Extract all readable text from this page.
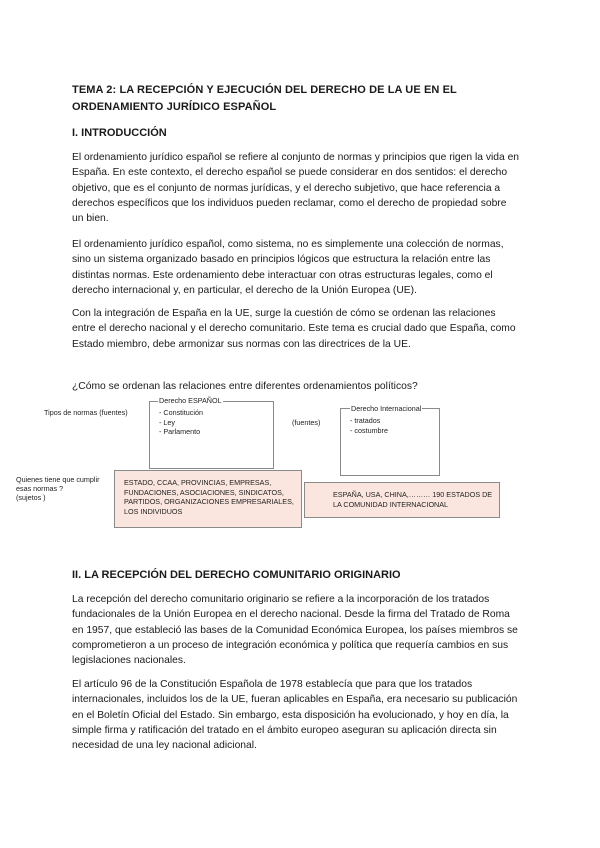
TEMA 2: LA RECEPCIÓN Y EJECUCIÓN DEL DERECHO DE LA UE EN EL
ORDENAMIENTO JURÍDICO ESPAÑOL
I. INTRODUCCIÓN

El ordenamiento jurídico español se refiere al conjunto de normas y principios que rigen la vida en España. En este contexto, el derecho español se puede considerar en dos sentidos: el derecho objetivo, que es el conjunto de normas jurídicas, y el derecho subjetivo, que hace referencia a derechos específicos que los individuos pueden reclamar, como el derecho de propiedad sobre un bien.

El ordenamiento jurídico español, como sistema, no es simplemente una colección de normas, sino un sistema organizado basado en principios lógicos que estructura la relación entre las distintas normas. Este ordenamiento debe interactuar con otras estructuras legales, como el derecho internacional y, en particular, el derecho de la Unión Europea (UE).

Con la integración de España en la UE, surge la cuestión de cómo se ordenan las relaciones entre el derecho nacional y el derecho comunitario. Este tema es crucial dado que España, como Estado miembro, debe armonizar sus normas con las directrices de la UE.

¿Cómo se ordenan las relaciones entre diferentes ordenamientos políticos?
Tipos de normas (fuentes)
(fuentes)
Quienes tiene que cumplir
esas normas ?
(sujetos )
Derecho ESPAÑOL
- Constitución
- Ley
- Parlamento
Derecho Internacional
- tratados
- costumbre
ESTADO, CCAA, PROVINCIAS, EMPRESAS,
FUNDACIONES, ASOCIACIONES, SINDICATOS,
PARTIDOS, ORGANIZACIONES EMPRESARIALES,
LOS INDIVIDUOS
ESPAÑA, USA, CHINA,……… 190 ESTADOS DE
LA COMUNIDAD INTERNACIONAL
II. LA RECEPCIÓN DEL DERECHO COMUNITARIO ORIGINARIO

La recepción del derecho comunitario originario se refiere a la incorporación de los tratados fundacionales de la Unión Europea en el derecho nacional. Desde la firma del Tratado de Roma en 1957, que estableció las bases de la Comunidad Económica Europea, los países miembros se comprometieron a un proceso de integración económica y política que requería cambios en sus legislaciones nacionales.

El artículo 96 de la Constitución Española de 1978 establecía que para que los tratados internacionales, incluidos los de la UE, fueran aplicables en España, era necesario su publicación en el Boletín Oficial del Estado. Sin embargo, esta disposición ha evolucionado, y hoy en día, la simple firma y ratificación del tratado en el ámbito europeo aseguran su aplicación directa sin necesidad de una ley nacional adicional.
